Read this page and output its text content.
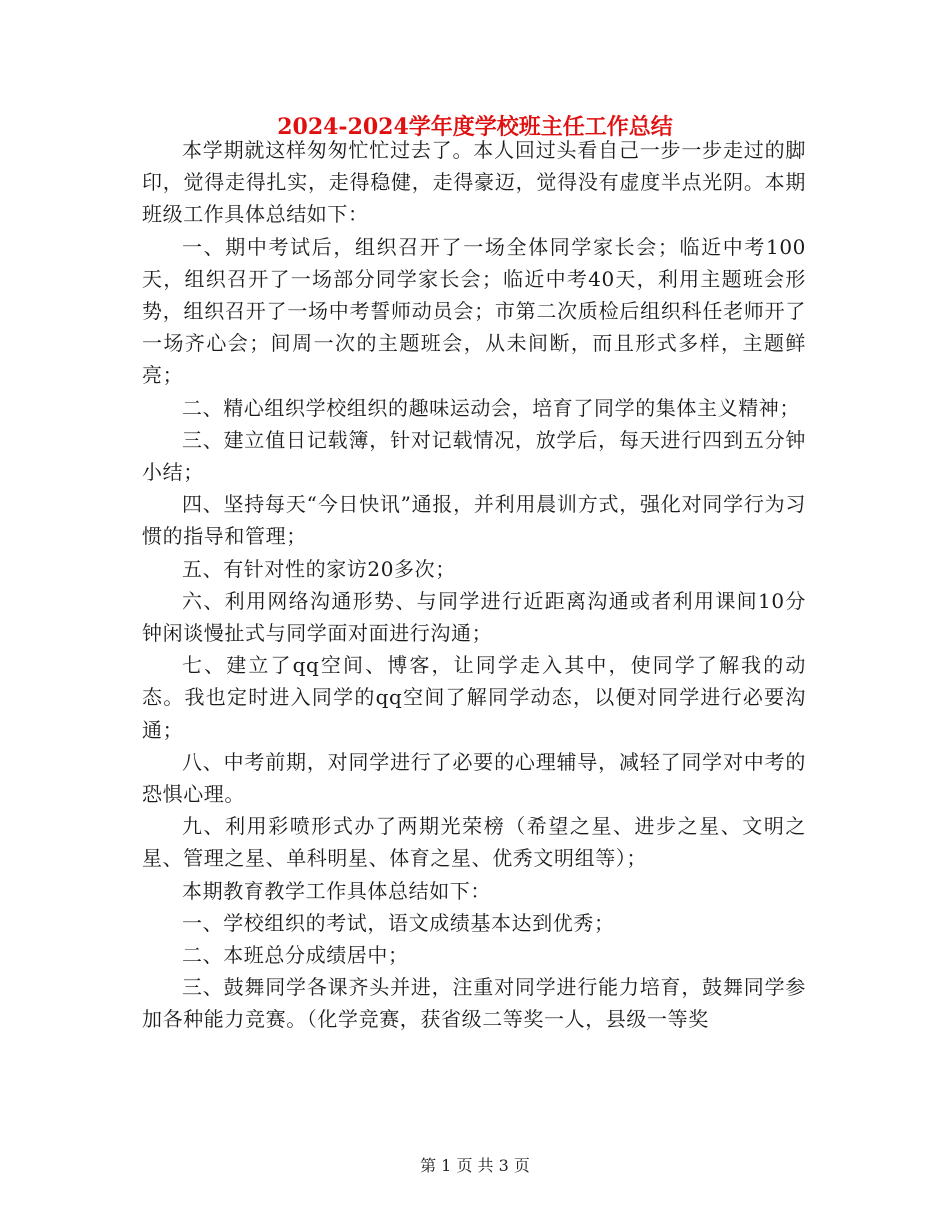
2024-2024学年度学校班主任工作总结

本学期就这样匆匆忙忙过去了。本人回过头看自己一步一步走过的脚印，觉得走得扎实，走得稳健，走得豪迈，觉得没有虚度半点光阴。本期班级工作具体总结如下：

一、期中考试后，组织召开了一场全体同学家长会；临近中考100天，组织召开了一场部分同学家长会；临近中考40天，利用主题班会形势，组织召开了一场中考誓师动员会；市第二次质检后组织科任老师开了一场齐心会；间周一次的主题班会，从未间断，而且形式多样，主题鲜亮；

二、精心组织学校组织的趣味运动会，培育了同学的集体主义精神；

三、建立值日记载簿，针对记载情况，放学后，每天进行四到五分钟小结；

四、坚持每天“今日快讯”通报，并利用晨训方式，强化对同学行为习惯的指导和管理；

五、有针对性的家访20多次；

六、利用网络沟通形势、与同学进行近距离沟通或者利用课间10分钟闲谈慢扯式与同学面对面进行沟通；

七、建立了qq空间、博客，让同学走入其中，使同学了解我的动态。我也定时进入同学的qq空间了解同学动态，以便对同学进行必要沟通；

八、中考前期，对同学进行了必要的心理辅导，减轻了同学对中考的恐惧心理。

九、利用彩喷形式办了两期光荣榜（希望之星、进步之星、文明之星、管理之星、单科明星、体育之星、优秀文明组等）；

本期教育教学工作具体总结如下：

一、学校组织的考试，语文成绩基本达到优秀；

二、本班总分成绩居中；

三、鼓舞同学各课齐头并进，注重对同学进行能力培育，鼓舞同学参加各种能力竞赛。（化学竞赛，获省级二等奖一人，县级一等奖

第 1 页 共 3 页
